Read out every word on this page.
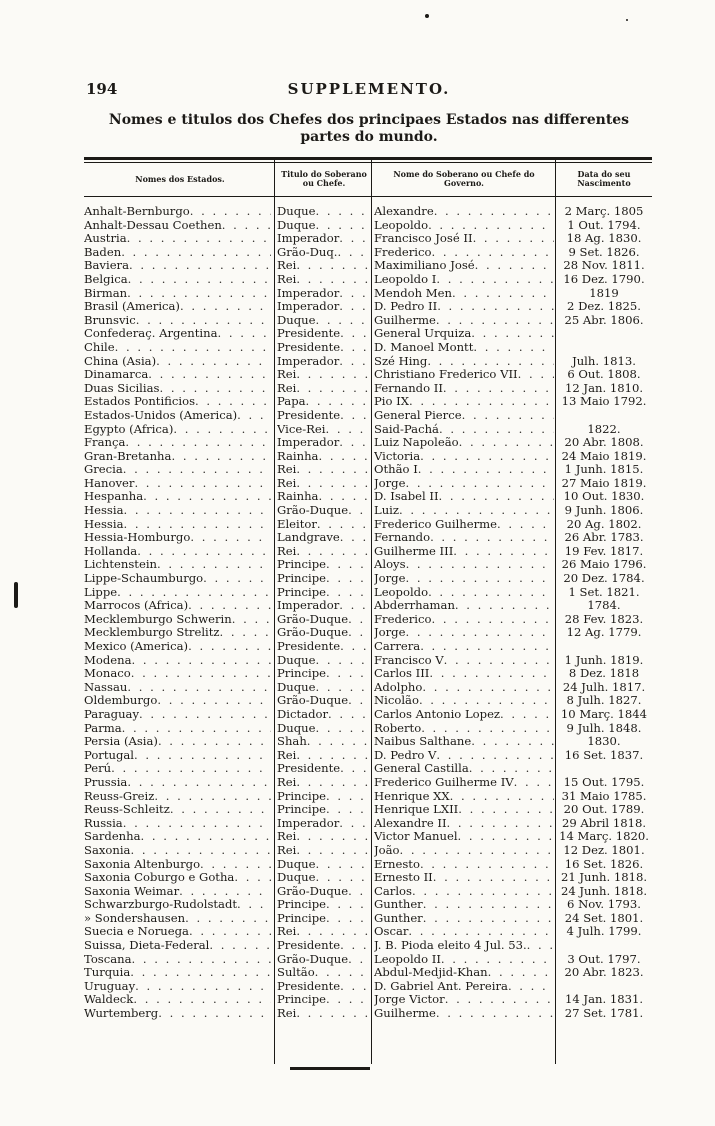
194	SUPPLEMENTO.
Nomes e titulos dos Chefes dos principaes Estados nas differentes partes do mundo.
Nomes dos Estados.	Titulo do Soberano ou Chefe.
Nome do Soberano ou Chefe do Governo.
Data do seu Nascimento
Anhalt-Bernburgo . . .	Duque . . .	Alexandre . . .	2 Març. 1805
Anhalt-Dessau Coethen . . .	Duque . . .	Leopoldo . . .	1 Out. 1794.
Austria . . .	Imperador . . .	Francisco José II . . .	18 Ag. 1830.
Baden . . .	Grão-Duq. . . .	Frederico . . .	9 Set. 1826.
Baviera . . .	Rei . . .	Maximiliano José . . .	28 Nov. 1811.
Belgica . . .	Rei . . .	Leopoldo I . . .	16 Dez. 1790.
Birman . . .	Imperador . . .	Mendoh Men . . .	1819
Brasil (America) . . .	Imperador . . .	D. Pedro II . . .	2 Dez. 1825.
Brunsvic . . .	Duque . . .	Guilherme . . .	25 Abr. 1806.
Confederaç. Argentina . . .	Presidente . . .	General Urquiza
. . .
Chile . . .	Presidente . . .	D. Manoel Montt
. . .
China (Asia) . . .	Imperador . . .	Szé Hing . . .	Julh. 1813.
Dinamarca . . .	Rei . . .	Christiano Frederico VII . . .	6 Out. 1808.
Duas Sicilias . . .	Rei . . .	Fernando II . . .	12 Jan. 1810.
Estados Pontificios . . .	Papa . . .	Pio IX . . .	13 Maio 1792.
Estados-Unidos (America) . . .	Presidente . . .	General Pierce
. . .
Egypto (Africa) . . .	Vice-Rei . . .	Said-Pachá . . .	1822.
França . . .	Imperador . . .	Luiz Napoleão . . .	20 Abr. 1808.
Gran-Bretanha . . .	Rainha . . .	Victoria . . .	24 Maio 1819.
Grecia . . .	Rei . . .	Othão I . . .	1 Junh. 1815.
Hanover . . .	Rei . . .	Jorge . . .	27 Maio 1819.
Hespanha . . .	Rainha . . .	D. Isabel II . . .	10 Out. 1830.
Hessia . . .	Grão-Duque . . . Luiz . . .	9 Junh. 1806.
Hessia . . .	Eleitor . . .	Frederico Guilherme . . .	20 Ag. 1802.
Hessia-Homburgo . . .	Landgrave . . .	Fernando . . .	26 Abr. 1783.
Hollanda . . .	Rei . . .	Guilherme III . . .	19 Fev. 1817.
Lichtenstein . . .	Principe . . .	Aloys . . .	26 Maio 1796.
Lippe-Schaumburgo . . .	Principe . . .	Jorge . . .	20 Dez. 1784.
Lippe . . .	Principe . . .	Leopoldo . . .	1 Set. 1821.
Marrocos (Africa) . . .	Imperador . . .	Abderrhaman . . .	1784.
Mecklemburgo Schwerin . . .	Grão-Duque . . . Frederico . . .	28 Fev. 1823.
Mecklemburgo Strelitz . . .	Grão-Duque . . . Jorge . . .	12 Ag. 1779.
Mexico (America) . . .	Presidente . . .	Carrera
. . .
Modena . . .	Duque . . .	Francisco V . . .	1 Junh. 1819.
Monaco . . .	Principe . . .	Carlos III . . .	8 Dez. 1818
Nassau . . .	Duque . . .	Adolpho . . .	24 Julh. 1817.
Oldemburgo . . .	Grão-Duque . . . Nicolão . . .	8 Julh. 1827.
Paraguay . . .	Dictador . . .	Carlos Antonio Lopez . . .	10 Març. 1844
Parma . . .	Duque . . .	Roberto . . .	9 Julh. 1848.
Persia (Asia) . . .	Shah . . .	Naibus Salthane . . .	1830.
Portugal . . .	Rei . . .	D. Pedro V . . .	16 Set. 1837.
Perú . . .	Presidente . . .	General Castilla
. . .
Prussia . . .	Rei . . .	Frederico Guilherme IV . . .	15 Out. 1795.
Reuss-Greiz . . .	Principe . . .	Henrique XX . . .	31 Maio 1785.
Reuss-Schleitz . . .	Principe . . .	Henrique LXII . . .	20 Out. 1789.
Russia . . .	Imperador . . .	Alexandre II . . .	29 Abril 1818.
Sardenha . . .	Rei . . .	Victor Manuel . . .	14 Març. 1820.
Saxonia . . .	Rei . . .	João . . .	12 Dez. 1801.
Saxonia Altenburgo . . .	Duque . . .	Ernesto . . .	16 Set. 1826.
Saxonia Coburgo e Gotha . . .	Duque . . .	Ernesto II . . .	21 Junh. 1818.
Saxonia Weimar . . .	Grão-Duque . . . Carlos . . .	24 Junh. 1818.
Schwarzburgo-Rudolstadt . . .	Principe . . .	Gunther . . .	6 Nov. 1793.
» Sondershausen . . .	Principe . . .	Gunther . . .	24 Set. 1801.
Suecia e Noruega . . .	Rei . . .	Oscar . . .	4 Julh. 1799.
Suissa, Dieta-Federal . . .	Presidente . . .	J. B. Pioda eleito 4 Jul. 53.
. . .
Toscana . . .	Grão-Duque . . . Leopoldo II . . .	3 Out. 1797.
Turquia . . .	Sultão . . .	Abdul-Medjid-Khan . . .	20 Abr. 1823.
Uruguay . . .	Presidente . . .	D. Gabriel Ant. Pereira
. . .
Waldeck . . .	Principe . . .	Jorge Victor . . .	14 Jan. 1831.
Wurtemberg . . .	Rei . . .	Guilherme . . .	27 Set. 1781.
